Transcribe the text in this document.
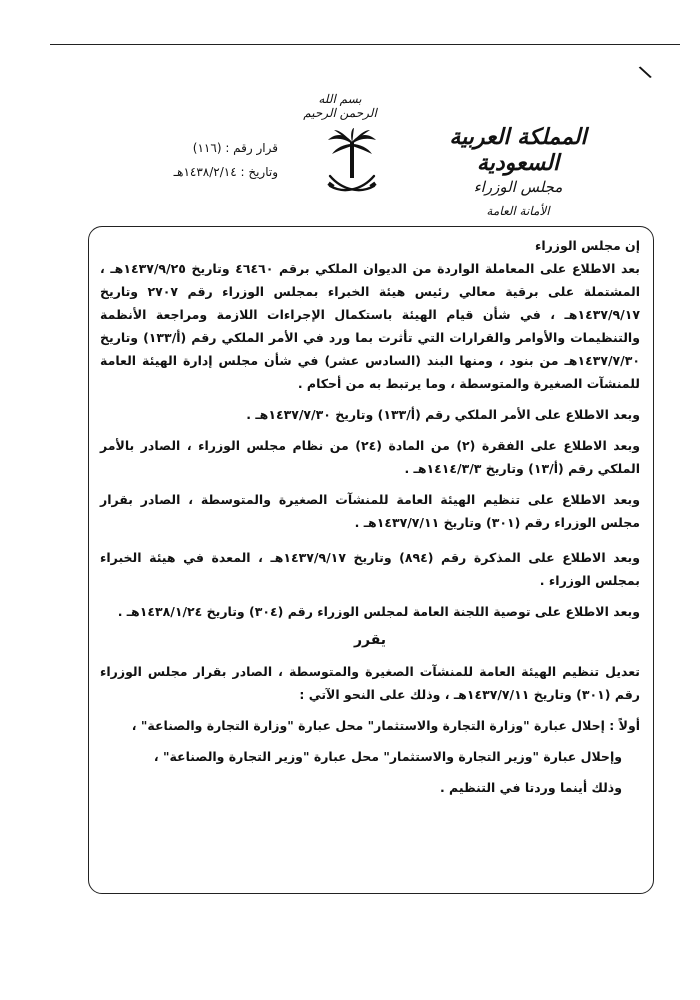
\
بسم الله الرحمن الرحيم
المملكة العربية السعودية
مجلس الوزراء
الأمانة العامة
قرار رقم : (١١٦)
وتاريخ : ١٤٣٨/٢/١٤هـ

إن مجلس الوزراء

بعد الاطلاع على المعاملة الواردة من الديوان الملكي برقم ٤٦٤٦٠ وتاريخ ١٤٣٧/٩/٢٥هـ ، المشتملة على برقية معالي رئيس هيئة الخبراء بمجلس الوزراء رقم ٢٧٠٧ وتاريخ ١٤٣٧/٩/١٧هـ ، في شأن قيام الهيئة باستكمال الإجراءات اللازمة ومراجعة الأنظمة والتنظيمات والأوامر والقرارات التي تأثرت بما ورد في الأمر الملكي رقم (أ/١٣٣) وتاريخ ١٤٣٧/٧/٣٠هـ من بنود ، ومنها البند (السادس عشر) في شأن مجلس إدارة الهيئة العامة للمنشآت الصغيرة والمتوسطة ، وما يرتبط به من أحكام .

وبعد الاطلاع على الأمر الملكي رقم (أ/١٣٣) وتاريخ ١٤٣٧/٧/٣٠هـ .

وبعد الاطلاع على الفقرة (٢) من المادة (٢٤) من نظام مجلس الوزراء ، الصادر بالأمر الملكي رقم (أ/١٣) وتاريخ ١٤١٤/٣/٣هـ .

وبعد الاطلاع على تنظيم الهيئة العامة للمنشآت الصغيرة والمتوسطة ، الصادر بقرار مجلس الوزراء رقم (٣٠١) وتاريخ ١٤٣٧/٧/١١هـ .

وبعد الاطلاع على المذكرة رقم (٨٩٤) وتاريخ ١٤٣٧/٩/١٧هـ ، المعدة في هيئة الخبراء بمجلس الوزراء .

وبعد الاطلاع على توصية اللجنة العامة لمجلس الوزراء رقم (٣٠٤) وتاريخ ١٤٣٨/١/٢٤هـ .

يقرر

تعديل تنظيم الهيئة العامة للمنشآت الصغيرة والمتوسطة ، الصادر بقرار مجلس الوزراء رقم (٣٠١) وتاريخ ١٤٣٧/٧/١١هـ ، وذلك على النحو الآتي :

أولاً : إحلال عبارة "وزارة التجارة والاستثمار" محل عبارة "وزارة التجارة والصناعة" ،

وإحلال عبارة "وزير التجارة والاستثمار" محل عبارة "وزير التجارة والصناعة" ،

وذلك أينما وردتا في التنظيم .
